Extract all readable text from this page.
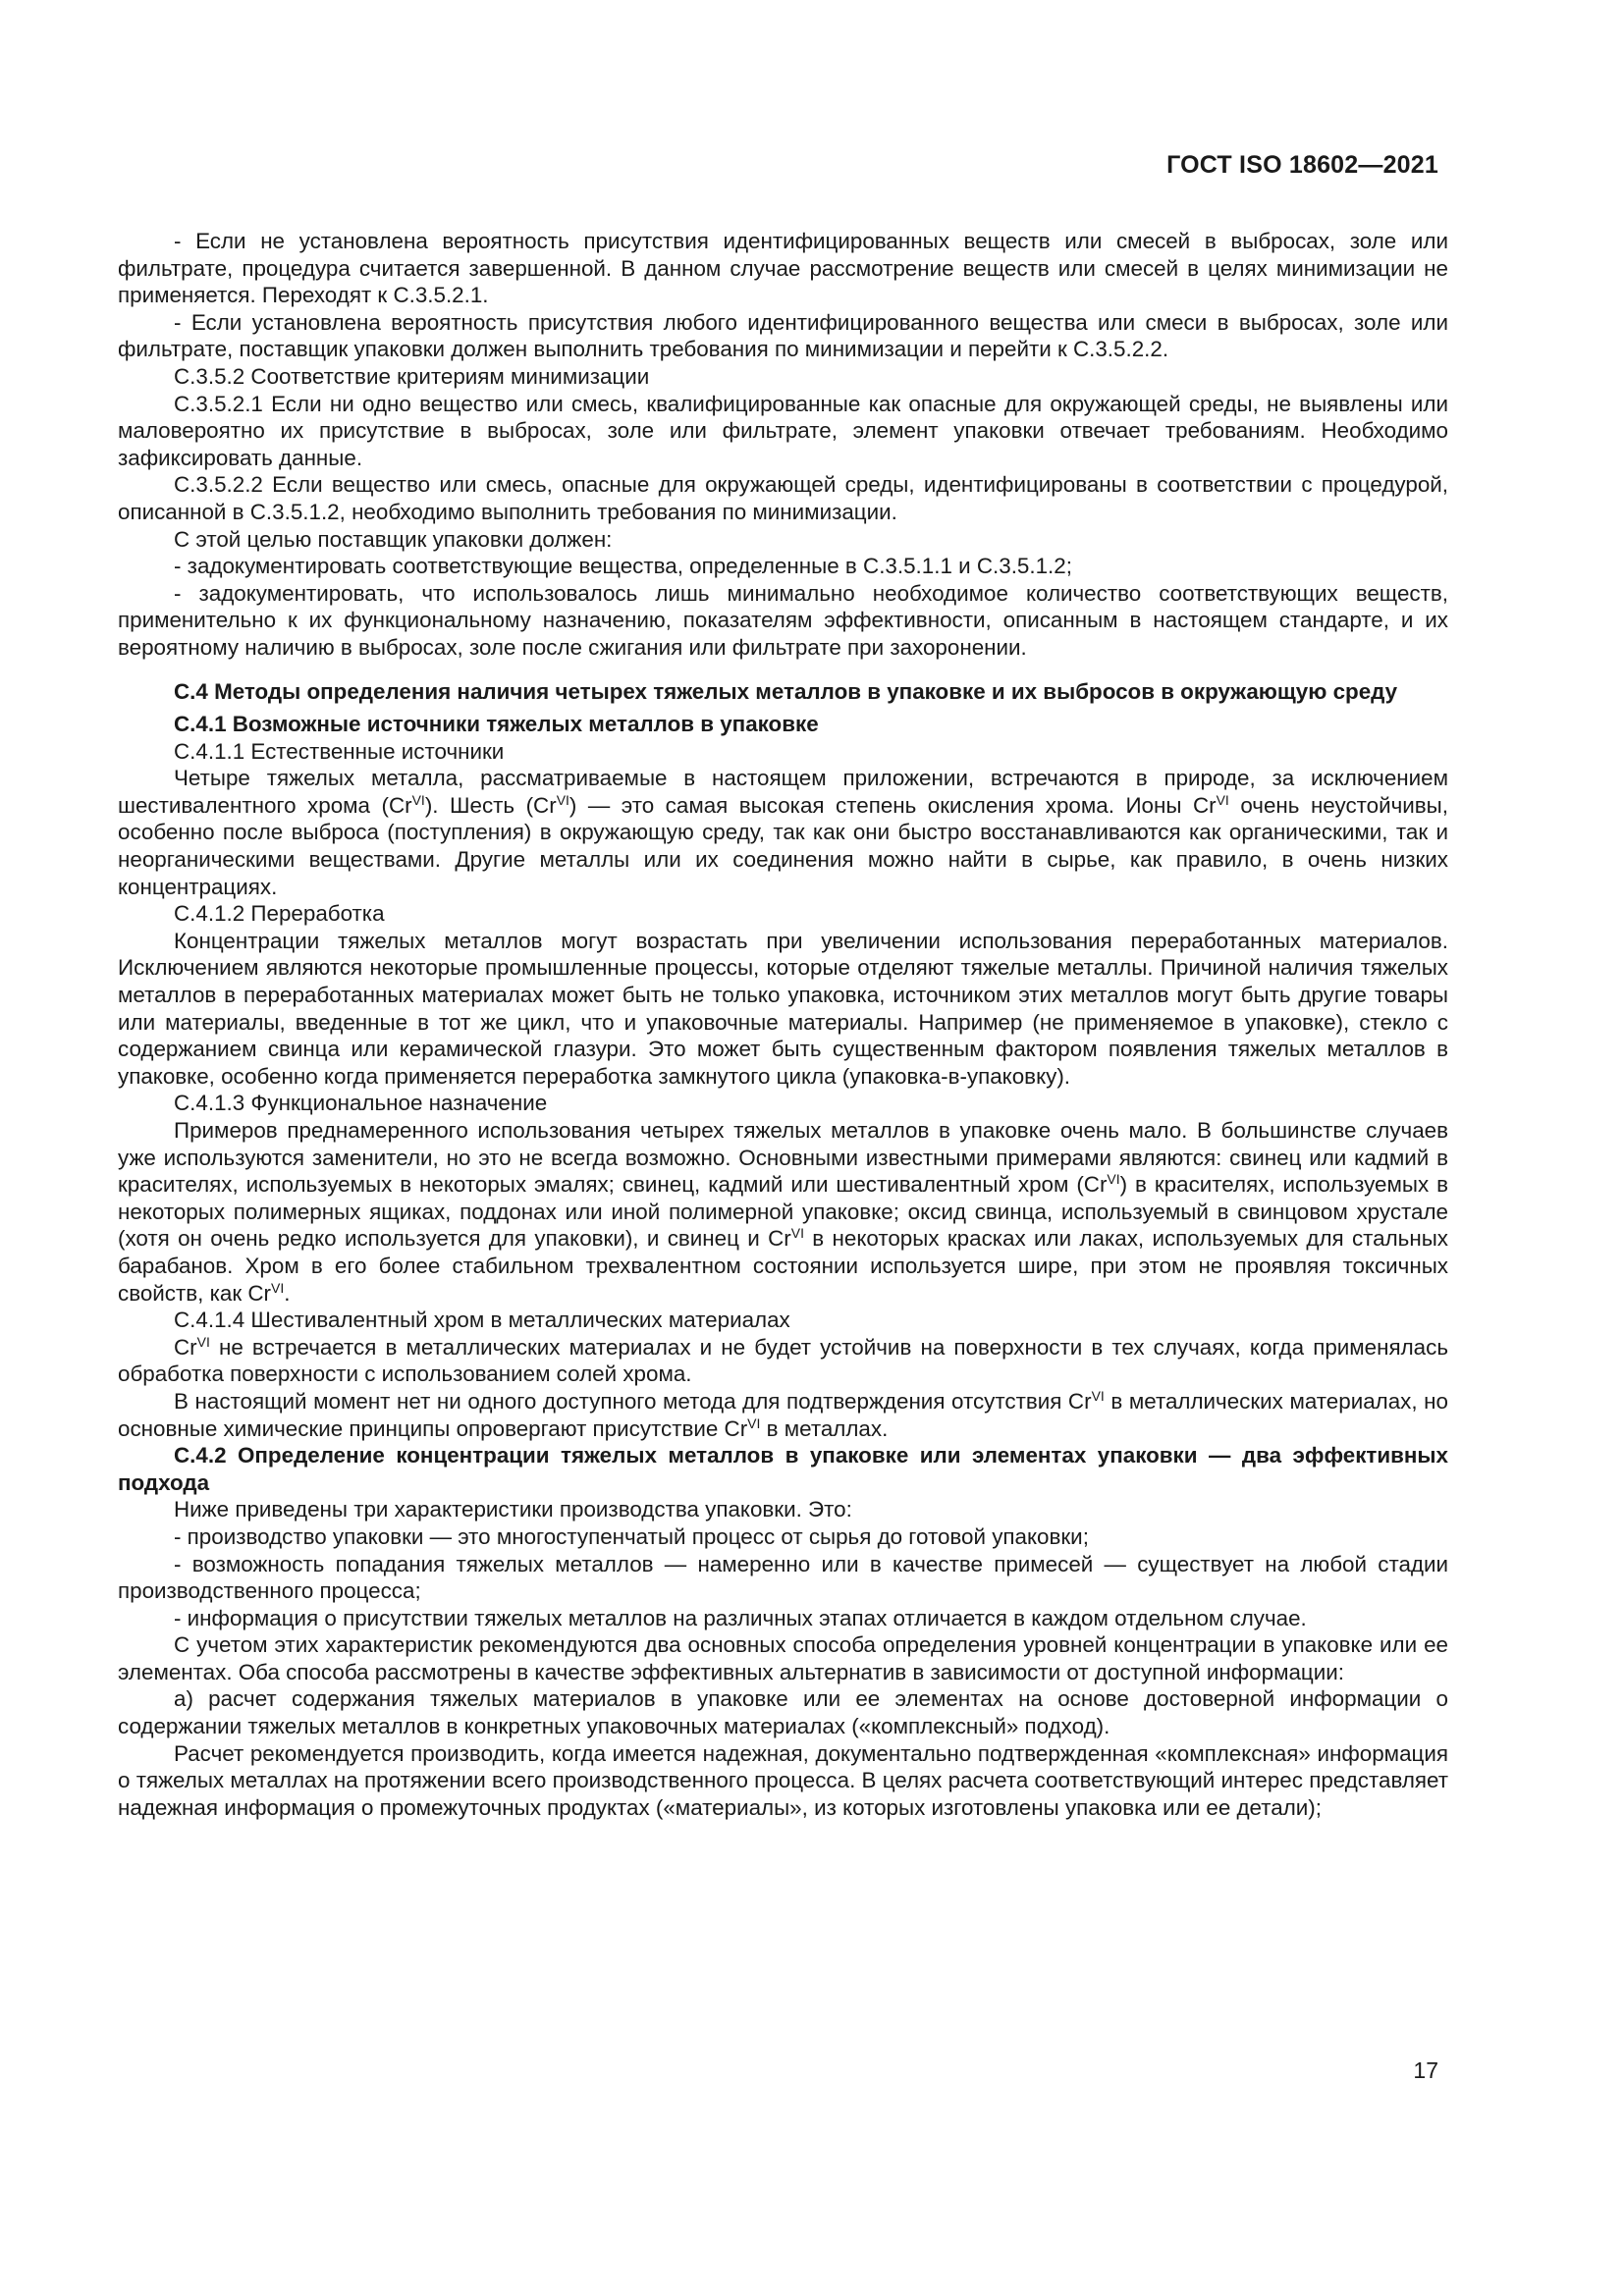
ГОСТ ISO 18602—2021

- Если не установлена вероятность присутствия идентифицированных веществ или смесей в выбросах, золе или фильтрате, процедура считается завершенной. В данном случае рассмотрение веществ или смесей в целях минимизации не применяется. Переходят к С.3.5.2.1.

- Если установлена вероятность присутствия любого идентифицированного вещества или смеси в выбросах, золе или фильтрате, поставщик упаковки должен выполнить требования по минимизации и перейти к С.3.5.2.2.

С.3.5.2 Соответствие критериям минимизации

С.3.5.2.1 Если ни одно вещество или смесь, квалифицированные как опасные для окружающей среды, не выявлены или маловероятно их присутствие в выбросах, золе или фильтрате, элемент упаковки отвечает требованиям. Необходимо зафиксировать данные.

С.3.5.2.2 Если вещество или смесь, опасные для окружающей среды, идентифицированы в соответствии с процедурой, описанной в С.3.5.1.2, необходимо выполнить требования по минимизации.

С этой целью поставщик упаковки должен:

- задокументировать соответствующие вещества, определенные в С.3.5.1.1 и С.3.5.1.2;

- задокументировать, что использовалось лишь минимально необходимое количество соответствующих веществ, применительно к их функциональному назначению, показателям эффективности, описанным в настоящем стандарте, и их вероятному наличию в выбросах, золе после сжигания или фильтрате при захоронении.

С.4 Методы определения наличия четырех тяжелых металлов в упаковке и их выбросов в окружающую среду

С.4.1 Возможные источники тяжелых металлов в упаковке

С.4.1.1 Естественные источники

Четыре тяжелых металла, рассматриваемые в настоящем приложении, встречаются в природе, за исключением шестивалентного хрома $(Cr^{VI})$. Шесть $(Cr^{VI})$ — это самая высокая степень окисления хрома. Ионы $Cr^{VI}$ очень неустойчивы, особенно после выброса (поступления) в окружающую среду, так как они быстро восстанавливаются как органическими, так и неорганическими веществами. Другие металлы или их соединения можно найти в сырье, как правило, в очень низких концентрациях.

С.4.1.2 Переработка

Концентрации тяжелых металлов могут возрастать при увеличении использования переработанных материалов. Исключением являются некоторые промышленные процессы, которые отделяют тяжелые металлы. Причиной наличия тяжелых металлов в переработанных материалах может быть не только упаковка, источником этих металлов могут быть другие товары или материалы, введенные в тот же цикл, что и упаковочные материалы. Например (не применяемое в упаковке), стекло с содержанием свинца или керамической глазури. Это может быть существенным фактором появления тяжелых металлов в упаковке, особенно когда применяется переработка замкнутого цикла (упаковка-в-упаковку).

С.4.1.3 Функциональное назначение

Примеров преднамеренного использования четырех тяжелых металлов в упаковке очень мало. В большинстве случаев уже используются заменители, но это не всегда возможно. Основными известными примерами являются: свинец или кадмий в красителях, используемых в некоторых эмалях; свинец, кадмий или шестивалентный хром $(Cr^{VI})$ в красителях, используемых в некоторых полимерных ящиках, поддонах или иной полимерной упаковке; оксид свинца, используемый в свинцовом хрустале (хотя он очень редко используется для упаковки), и свинец и $Cr^{VI}$ в некоторых красках или лаках, используемых для стальных барабанов. Хром в его более стабильном трехвалентном состоянии используется шире, при этом не проявляя токсичных свойств, как $Cr^{VI}$.

С.4.1.4 Шестивалентный хром в металлических материалах

$Cr^{VI}$ не встречается в металлических материалах и не будет устойчив на поверхности в тех случаях, когда применялась обработка поверхности с использованием солей хрома.

В настоящий момент нет ни одного доступного метода для подтверждения отсутствия $Cr^{VI}$ в металлических материалах, но основные химические принципы опровергают присутствие $Cr^{VI}$ в металлах.

С.4.2 Определение концентрации тяжелых металлов в упаковке или элементах упаковки — два эффективных подхода

Ниже приведены три характеристики производства упаковки. Это:

- производство упаковки — это многоступенчатый процесс от сырья до готовой упаковки;

- возможность попадания тяжелых металлов — намеренно или в качестве примесей — существует на любой стадии производственного процесса;

- информация о присутствии тяжелых металлов на различных этапах отличается в каждом отдельном случае.

С учетом этих характеристик рекомендуются два основных способа определения уровней концентрации в упаковке или ее элементах. Оба способа рассмотрены в качестве эффективных альтернатив в зависимости от доступной информации:

а) расчет содержания тяжелых материалов в упаковке или ее элементах на основе достоверной информации о содержании тяжелых металлов в конкретных упаковочных материалах («комплексный» подход).

Расчет рекомендуется производить, когда имеется надежная, документально подтвержденная «комплексная» информация о тяжелых металлах на протяжении всего производственного процесса. В целях расчета соответствующий интерес представляет надежная информация о промежуточных продуктах («материалы», из которых изготовлены упаковка или ее детали);

17
